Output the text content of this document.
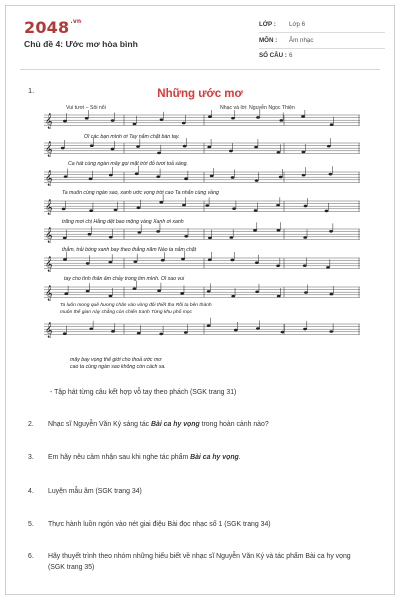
$2048^{.vn}$
Chủ đề 4: Ước mơ hòa bình
LỚP : Lớp 6
MÔN : Âm nhạc
SỐ CÂU : 6
1.	Những ước mơ
Vui tươi – Sôi nổi	Nhạc và lời: Nguyễn Ngọc Thiện
𝄞
𝄞
𝄞
𝄞
𝄞
𝄞
𝄞
𝄞
Ơi các bạn mình ơi Tay nắm chặt bàn tay.
Ca hát cùng ngàn mây gọi mặt trời đỏ tươi toả sáng.
Ta muốn cùng ngàn sao, xanh ước vọng trời cao Ta nhắn cùng vầng
trăng mơi chị Hằng dệt bao mộng vàng Xanh ơi xanh
thẳm, trải bóng xanh bay theo thẳng năm Nào ta nắm chặt
tay cho tình thân ấm chảy trong tim mình. Ơi sao vui
Ta luôn mong quê hương chăn vào vòng đôi thiết tha Rồi ta bên thành
muôn thế gian này chẳng còn chiến tranh Từng khu phố mọc
mây bay vọng thế giới cho thoả ước mơ
cao ta cùng ngàn sao không còn cách xa.
- Tập hát từng câu kết hợp vỗ tay theo phách (SGK trang 31)
2. Nhạc sĩ Nguyễn Văn Ký sáng tác Bài ca hy vọng trong hoàn cảnh nào?
3. Em hãy nêu cảm nhận sau khi nghe tác phẩm Bài ca hy vọng.
4. Luyện mẫu âm (SGK trang 34)
5. Thực hành luồn ngón vào nét giai điệu Bài đọc nhạc số 1 (SGK trang 34)
6. Hãy thuyết trình theo nhóm những hiểu biết về nhạc sĩ Nguyễn Văn Ký và tác phẩm Bài ca hy vọng (SGK trang 35)
